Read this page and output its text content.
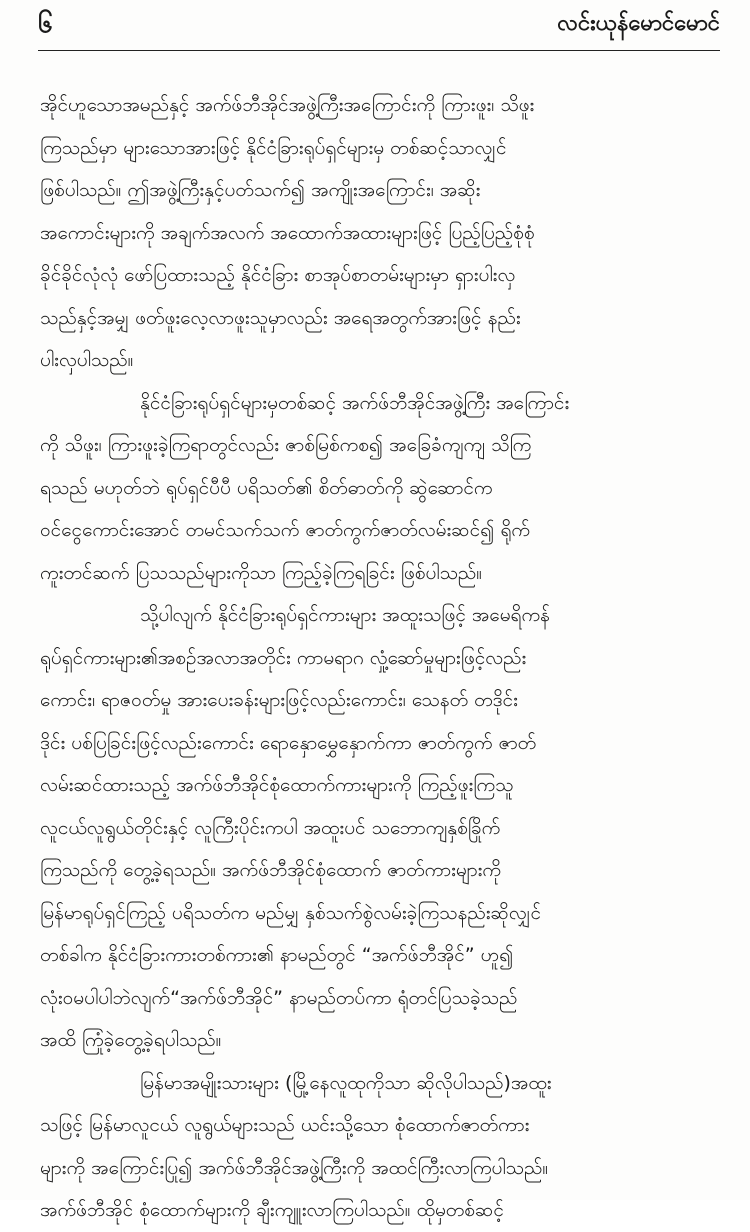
၆	လင်းယုန်မောင်မောင်
အိုင်ဟူသောအမည်နှင့် အက်ဖ်ဘီအိုင်အဖွဲ့ကြီးအကြောင်းကို ကြားဖူး၊ သိဖူး
ကြသည်မှာ များသောအားဖြင့် နိုင်ငံခြားရုပ်ရှင်များမှ တစ်ဆင့်သာလျှင်
ဖြစ်ပါသည်။ ဤအဖွဲ့ကြီးနှင့်ပတ်သက်၍ အကျိုးအကြောင်း၊ အဆိုး
အကောင်းများကို အချက်အလက် အထောက်အထားများဖြင့် ပြည့်ပြည့်စုံစုံ
ခိုင်ခိုင်လုံလုံ ဖော်ပြထားသည့် နိုင်ငံခြား စာအုပ်စာတမ်းများမှာ ရှားပါးလှ
သည်နှင့်အမျှ ဖတ်ဖူးလေ့လာဖူးသူမှာလည်း အရေအတွက်အားဖြင့် နည်း
ပါးလှပါသည်။
နိုင်ငံခြားရုပ်ရှင်များမှတစ်ဆင့် အက်ဖ်ဘီအိုင်အဖွဲ့ကြီး အကြောင်း
ကို သိဖူး၊ ကြားဖူးခဲ့ကြရာတွင်လည်း ဇာစ်မြစ်ကစ၍ အခြေခံကျကျ သိကြ
ရသည် မဟုတ်ဘဲ ရုပ်ရှင်ပီပီ ပရိသတ်၏ စိတ်ဓာတ်ကို ဆွဲဆောင်က
ဝင်ငွေကောင်းအောင် တမင်သက်သက် ဇာတ်ကွက်ဇာတ်လမ်းဆင်၍ ရိုက်
ကူးတင်ဆက် ပြသသည်များကိုသာ ကြည့်ခဲ့ကြရခြင်း ဖြစ်ပါသည်။
သို့ပါလျက် နိုင်ငံခြားရုပ်ရှင်ကားများ အထူးသဖြင့် အမေရိကန်
ရုပ်ရှင်ကားများ၏အစဉ်အလာအတိုင်း ကာမရာဂ လှုံ့ဆော်မှုများဖြင့်လည်း
ကောင်း၊ ရာဇဝတ်မှု အားပေးခန်းများဖြင့်လည်းကောင်း၊ သေနတ် တဒိုင်း
ဒိုင်း ပစ်ပြခြင်းဖြင့်လည်းကောင်း ရောနှောမွှေနှောက်ကာ ဇာတ်ကွက် ဇာတ်
လမ်းဆင်ထားသည့် အက်ဖ်ဘီအိုင်စုံထောက်ကားများကို ကြည့်ဖူးကြသူ
လူငယ်လူရွယ်တိုင်းနှင့် လူကြီးပိုင်းကပါ အထူးပင် သဘောကျနှစ်ခြိုက်
ကြသည်ကို တွေ့ခဲ့ရသည်။ အက်ဖ်ဘီအိုင်စုံထောက် ဇာတ်ကားများကို
မြန်မာရုပ်ရှင်ကြည့် ပရိသတ်က မည်မျှ နှစ်သက်စွဲလမ်းခဲ့ကြသနည်းဆိုလျှင်
တစ်ခါက နိုင်ငံခြားကားတစ်ကား၏ နာမည်တွင် “အက်ဖ်ဘီအိုင်” ဟူ၍
လုံးဝမပါပါဘဲလျက်“အက်ဖ်ဘီအိုင်” နာမည်တပ်ကာ ရုံတင်ပြသခဲ့သည်
အထိ ကြုံခဲ့တွေ့ခဲ့ရပါသည်။
မြန်မာအမျိုးသားများ (မြို့နေလူထုကိုသာ ဆိုလိုပါသည်)အထူး
သဖြင့် မြန်မာလူငယ် လူရွယ်များသည် ယင်းသို့သော စုံထောက်ဇာတ်ကား
များကို အကြောင်းပြု၍ အက်ဖ်ဘီအိုင်အဖွဲ့ကြီးကို အထင်ကြီးလာကြပါသည်။
အက်ဖ်ဘီအိုင် စုံထောက်များကို ချီးကျူးလာကြပါသည်။ ထိုမှတစ်ဆင့်
